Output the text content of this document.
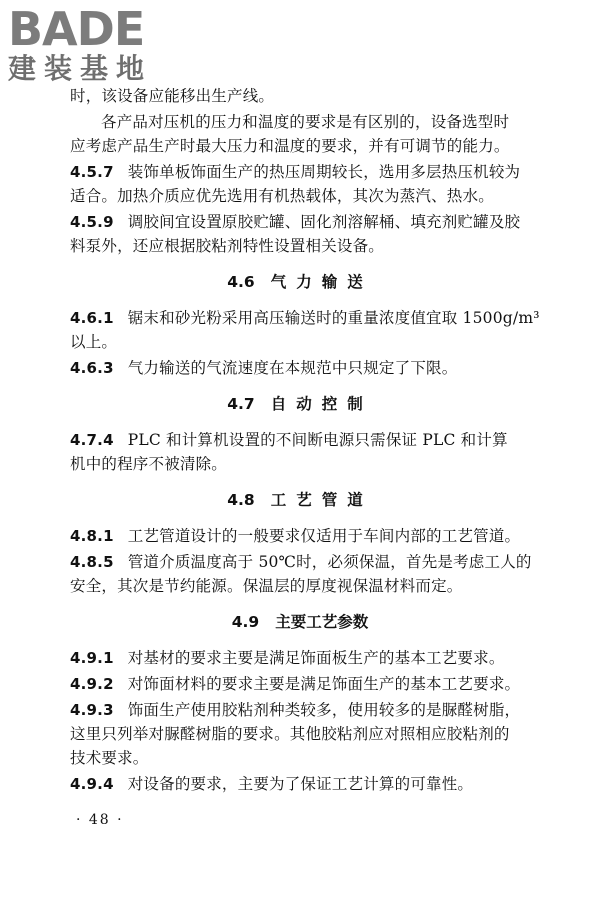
BADE
建装基地
时，该设备应能移出生产线。
各产品对压机的压力和温度的要求是有区别的，设备选型时
应考虑产品生产时最大压力和温度的要求，并有可调节的能力。
4.5.7 装饰单板饰面生产的热压周期较长，选用多层热压机较为
适合。加热介质应优先选用有机热载体，其次为蒸汽、热水。
4.5.9 调胶间宜设置原胶贮罐、固化剂溶解桶、填充剂贮罐及胶
料泵外，还应根据胶粘剂特性设置相关设备。
4.6 气力输送
4.6.1 锯末和砂光粉采用高压输送时的重量浓度值宜取 1500g/m³
以上。
4.6.3 气力输送的气流速度在本规范中只规定了下限。
4.7 自动控制
4.7.4 PLC 和计算机设置的不间断电源只需保证 PLC 和计算
机中的程序不被清除。
4.8 工艺管道
4.8.1 工艺管道设计的一般要求仅适用于车间内部的工艺管道。
4.8.5 管道介质温度高于 50℃时，必须保温，首先是考虑工人的
安全，其次是节约能源。保温层的厚度视保温材料而定。
4.9 主要工艺参数
4.9.1 对基材的要求主要是满足饰面板生产的基本工艺要求。
4.9.2 对饰面材料的要求主要是满足饰面生产的基本工艺要求。
4.9.3 饰面生产使用胶粘剂种类较多，使用较多的是脲醛树脂，
这里只列举对脲醛树脂的要求。其他胶粘剂应对照相应胶粘剂的
技术要求。
4.9.4 对设备的要求，主要为了保证工艺计算的可靠性。
· 48 ·
